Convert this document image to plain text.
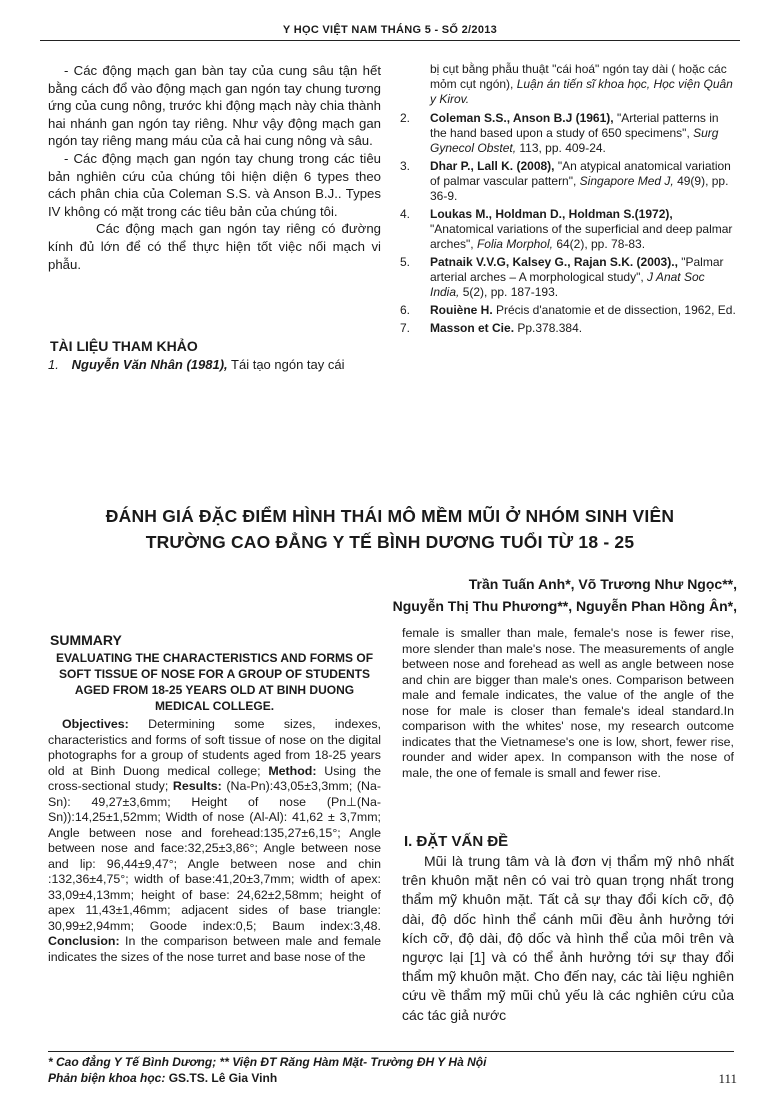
Y HỌC VIỆT NAM THÁNG 5 - SỐ 2/2013

- Các động mạch gan bàn tay của cung sâu tận hết bằng cách đổ vào động mạch gan ngón tay chung tương ứng của cung nông, trước khi động mạch này chia thành hai nhánh gan ngón tay riêng. Như vậy động mạch gan ngón tay riêng mang máu của cả hai cung nông và sâu.

- Các động mạch gan ngón tay chung trong các tiêu bản nghiên cứu của chúng tôi hiện diện 6 types theo cách phân chia của Coleman S.S. và Anson B.J.. Types IV không có mặt trong các tiêu bản của chúng tôi.

Các động mạch gan ngón tay riêng có đường kính đủ lớn để có thể thực hiện tốt việc nối mạch vi phẫu.

TÀI LIỆU THAM KHẢO
1. Nguyễn Văn Nhân (1981), Tái tạo ngón tay cái
bị cụt bằng phẫu thuật "cái hoá" ngón tay dài ( hoặc các mỏm cụt ngón), Luận án tiến sĩ khoa học, Học viện Quân y Kirov.
2.	Coleman S.S., Anson B.J (1961), "Arterial patterns in the hand based upon a study of 650 specimens", Surg Gynecol Obstet, 113, pp. 409-24.
3.	Dhar P., Lall K. (2008), "An atypical anatomical variation of palmar vascular pattern", Singapore Med J, 49(9), pp. 36-9.
4.	Loukas M., Holdman D., Holdman S.(1972), "Anatomical variations of the superficial and deep palmar arches", Folia Morphol, 64(2), pp. 78-83.
5.	Patnaik V.V.G, Kalsey G., Rajan S.K. (2003)., "Palmar arterial arches – A morphological study", J Anat Soc India, 5(2), pp. 187-193.
6.	Rouiène H. Précis d'anatomie et de dissection, 1962, Ed.
7.	Masson et Cie. Pp.378.384.
ĐÁNH GIÁ ĐẶC ĐIỂM HÌNH THÁI MÔ MỀM MŨI Ở NHÓM SINH VIÊN
TRƯỜNG CAO ĐẲNG Y TẾ BÌNH DƯƠNG TUỔI TỪ 18 - 25
Trần Tuấn Anh*, Võ Trương Như Ngọc**,
Nguyễn Thị Thu Phương**, Nguyễn Phan Hồng Ân*,
SUMMARY
EVALUATING THE CHARACTERISTICS AND FORMS OF SOFT TISSUE OF NOSE FOR A GROUP OF STUDENTS AGED FROM 18-25 YEARS OLD AT BINH DUONG MEDICAL COLLEGE.

Objectives: Determining some sizes, indexes, characteristics and forms of soft tissue of nose on the digital photographs for a group of students aged from 18-25 years old at Binh Duong medical college; Method: Using the cross-sectional study; Results: (Na-Pn):43,05±3,3mm; (Na- Sn): 49,27±3,6mm; Height of nose (Pn⊥(Na-Sn)):14,25±1,52mm; Width of nose (Al-Al): 41,62 ± 3,7mm; Angle between nose and forehead:135,27±6,15°; Angle between nose and face:32,25±3,86°; Angle between nose and lip: 96,44±9,47°; Angle between nose and chin :132,36±4,75°; width of base:41,20±3,7mm; width of apex: 33,09±4,13mm; height of base: 24,62±2,58mm; height of apex 11,43±1,46mm; adjacent sides of base triangle: 30,99±2,94mm; Goode index:0,5; Baum index:3,48. Conclusion: In the comparison between male and female indicates the sizes of the nose turret and base nose of the

female is smaller than male, female's nose is fewer rise, more slender than male's nose. The measurements of angle between nose and forehead as well as angle between nose and chin are bigger than male's ones. Comparison between male and female indicates, the value of the angle of the nose for male is closer than female's ideal standard.In comparison with the whites' nose, my research outcome indicates that the Vietnamese's one is low, short, fewer rise, rounder and wider apex. In companson with the nose of male, the one of female is small and fewer rise.
I. ĐẶT VẤN ĐỀ

Mũi là trung tâm và là đơn vị thẩm mỹ nhô nhất trên khuôn mặt nên có vai trò quan trọng nhất trong thẩm mỹ khuôn mặt. Tất cả sự thay đổi kích cỡ, độ dài, độ dốc hình thể cánh mũi đều ảnh hưởng tới kích cỡ, độ dài, độ dốc và hình thể của môi trên và ngược lại [1] và có thể ảnh hưởng tới sự thay đổi thẩm mỹ khuôn mặt. Cho đến nay, các tài liệu nghiên cứu về thẩm mỹ mũi chủ yếu là các nghiên cứu của các tác giả nước

* Cao đẳng Y Tế Bình Dương; ** Viện ĐT Răng Hàm Mặt- Trường ĐH Y Hà Nội
Phản biện khoa học: GS.TS. Lê Gia Vinh	111
